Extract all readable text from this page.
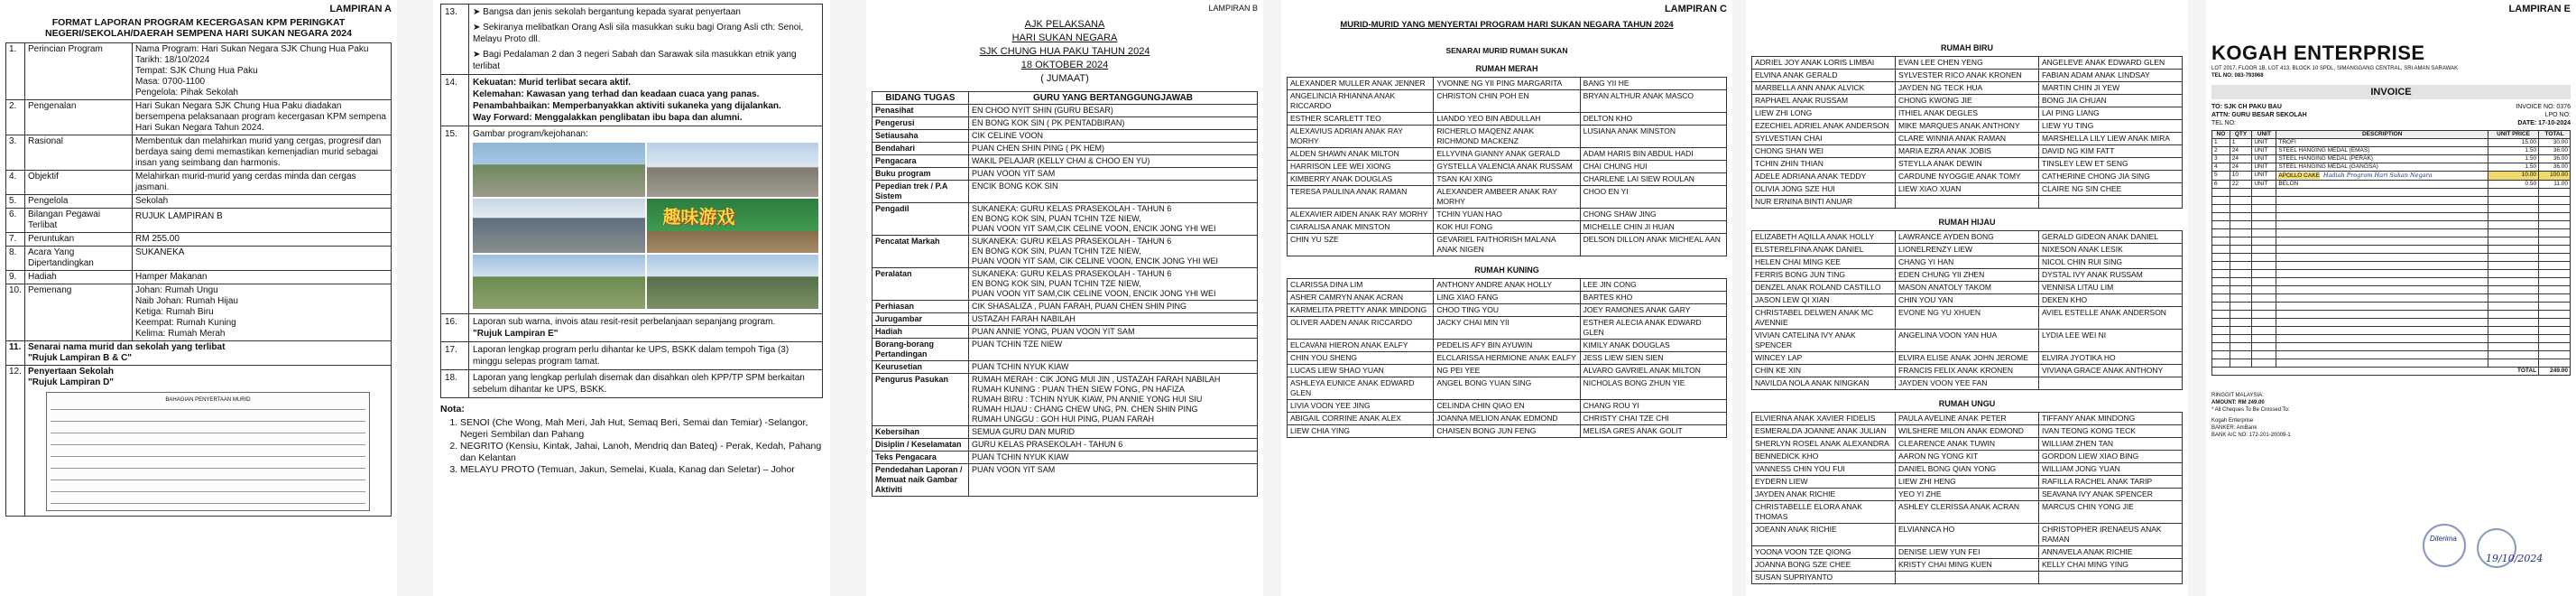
LAMPIRAN A
FORMAT LAPORAN PROGRAM KECERGASAN KPM PERINGKAT
NEGERI/SEKOLAH/DAERAH SEMPENA HARI SUKAN NEGARA 2024
1.	Perincian Program	Nama Program: Hari Sukan Negara SJK Chung Hua Paku
Tarikh: 18/10/2024
Tempat: SJK Chung Hua Paku
Masa: 0700-1100
Pengelola: Pihak Sekolah

2.	Pengenalan	Hari Sukan Negara SJK Chung Hua Paku diadakan
bersempena pelaksanaan program kecergasan KPM sempena
Hari Sukan Negara Tahun 2024.

3.	Rasional	Membentuk dan melahirkan murid yang cergas, progresif dan
berdaya saing demi memastikan kemenjadian murid sebagai
insan yang seimbang dan harmonis.

4.	Objektif	Melahirkan murid-murid yang cerdas minda dan cergas
jasmani.

5.	Pengelola	Sekolah

6.	Bilangan Pegawai Terlibat	RUJUK LAMPIRAN B

7.	Peruntukan	RM 255.00

8.	Acara Yang Dipertandingkan	SUKANEKA

9.	Hadiah	Hamper Makanan

10.	Pemenang	Johan: Rumah Ungu
Naib Johan: Rumah Hijau
Ketiga: Rumah Biru
Keempat: Rumah Kuning
Kelima: Rumah Merah

11.	Senarai nama murid dan sekolah yang terlibat
"Rujuk Lampiran B & C"	

12.	Penyertaan Sekolah
"Rujuk Lampiran D"
BAHAGIAN PENYERTAAN MURID	
13.	➤ Bangsa dan jenis sekolah bergantung kepada syarat penyertaan
➤ Sekiranya melibatkan Orang Asli sila masukkan suku bagi Orang Asli cth: Senoi, Melayu Proto dll.
➤ Bagi Pedalaman 2 dan 3 negeri Sabah dan Sarawak sila masukkan etnik yang terlibat

14.	Kekuatan: Murid terlibat secara aktif.
Kelemahan: Kawasan yang terhad dan keadaan cuaca yang panas.
Penambahbaikan: Memperbanyakkan aktiviti sukaneka yang dijalankan.
Way Forward: Menggalakkan penglibatan ibu bapa dan alumni.

15.	Gambar program/kejohanan:
趣味游戏

16.	Laporan sub warna, invois atau resit-resit perbelanjaan sepanjang program.
"Rujuk Lampiran E"

17.	Laporan lengkap program perlu dihantar ke UPS, BSKK dalam tempoh Tiga (3) minggu selepas program tamat.
18.	Laporan yang lengkap perlulah disemak dan disahkan oleh KPP/TP SPM berkaitan sebelum dihantar ke UPS, BSKK.
Nota:
1. SENOI (Che Wong, Mah Meri, Jah Hut, Semaq Beri, Semai dan Temiar) -Selangor, Negeri Sembilan dan Pahang
2. NEGRITO (Kensiu, Kintak, Jahai, Lanoh, Mendriq dan Bateq) - Perak, Kedah, Pahang dan Kelantan
3. MELAYU PROTO (Temuan, Jakun, Semelai, Kuala, Kanag dan Seletar) – Johor
LAMPIRAN B
AJK PELAKSANA
HARI SUKAN NEGARA
SJK CHUNG HUA PAKU TAHUN 2024
18 OKTOBER 2024
( JUMAAT)
BIDANG TUGAS	GURU YANG BERTANGGUNGJAWAB
Penasihat	EN CHOO NYIT SHIN (GURU BESAR)
Pengerusi	EN BONG KOK SIN ( PK PENTADBIRAN)
Setiausaha	CIK CELINE VOON
Bendahari	PUAN CHEN SHIN PING ( PK HEM)
Pengacara	WAKIL PELAJAR (KELLY CHAI & CHOO EN YU)
Buku program	PUAN VOON YIT SAM
Pepedian trek / P.A Sistem	ENCIK BONG KOK SIN
Pengadil	SUKANEKA: GURU KELAS PRASEKOLAH - TAHUN 6
EN BONG KOK SIN, PUAN TCHIN TZE NIEW,
PUAN VOON YIT SAM,CIK CELINE VOON, ENCIK JONG YHI WEI
Pencatat Markah	SUKANEKA: GURU KELAS PRASEKOLAH - TAHUN 6
EN BONG KOK SIN, PUAN TCHIN TZE NIEW,
PUAN VOON YIT SAM, CIK CELINE VOON, ENCIK JONG YHI WEI
Peralatan	SUKANEKA: GURU KELAS PRASEKOLAH - TAHUN 6
EN BONG KOK SIN, PUAN TCHIN TZE NIEW,
PUAN VOON YIT SAM,CIK CELINE VOON, ENCIK JONG YHI WEI
Perhiasan	CIK SHASALIZA , PUAN FARAH, PUAN CHEN SHIN PING
Jurugambar	USTAZAH FARAH NABILAH
Hadiah	PUAN ANNIE YONG, PUAN VOON YIT SAM
Borang-borang Pertandingan	PUAN TCHIN TZE NIEW
Keurusetian	PUAN TCHIN NYUK KIAW
Pengurus Pasukan	RUMAH MERAH : CIK JONG MUI JIN , USTAZAH FARAH NABILAH
RUMAH KUNING : PUAN THEN SIEW FONG, PN HAFIZA
RUMAH BIRU : TCHIN NYUK KIAW, PN ANNIE YONG HUI SIU
RUMAH HIJAU : CHANG CHEW UNG, PN. CHEN SHIN PING
RUMAH UNGGU : GOH HUI PING, PUAN FARAH
Kebersihan	SEMUA GURU DAN MURID
Disiplin / Keselamatan	GURU KELAS PRASEKOLAH - TAHUN 6
Teks Pengacara	PUAN TCHIN NYUK KIAW
Pendedahan Laporan / Memuat naik Gambar Aktiviti	PUAN VOON YIT SAM
LAMPIRAN C
MURID-MURID YANG MENYERTAI PROGRAM HARI SUKAN NEGARA TAHUN 2024
SENARAI MURID RUMAH SUKAN
RUMAH MERAH
ALEXANDER MULLER ANAK JENNER	YVONNE NG YII PING MARGARITA	BANG YII HE
ANGELINCIA RHIANNA ANAK RICCARDO	CHRISTON CHIN POH EN	BRYAN ALTHUR ANAK MASCO
ESTHER SCARLETT TEO	LIANDO YEO BIN ABDULLAH	DELTON KHO
ALEXAVIUS ADRIAN ANAK RAY MORHY	RICHERLO MAQENZ ANAK RICHMOND MACKENZ	LUSIANA ANAK MINSTON
ALDEN SHAWN ANAK MILTON	ELLYVINA GIANNY ANAK GERALD	ADAM HARIS BIN ABDUL HADI
HARRISON LEE WEI XIONG	GYSTELLA VALENCIA ANAK RUSSAM	CHAI CHUNG HUI
KIMBERRY ANAK DOUGLAS	TSAN KAI XING	CHARLENE LAI SIEW ROULAN
TERESA PAULINA ANAK RAMAN	ALEXANDER AMBEER ANAK RAY MORHY	CHOO EN YI
ALEXAVIER AIDEN ANAK RAY MORHY	TCHIN YUAN HAO	CHONG SHAW JING
CIARALISA ANAK MINSTON	KOK HUI FONG	MICHELLE CHIN JI HUAN
CHIN YU SZE	GEVARIEL FAITHORISH MALANA ANAK NIGEN	DELSON DILLON ANAK MICHEAL AAN
RUMAH KUNING
CLARISSA DINA LIM	ANTHONY ANDRE ANAK HOLLY	LEE JIN CONG
ASHER CAMRYN ANAK ACRAN	LING XIAO FANG	BARTES KHO
KARMELITA PRETTY ANAK MINDONG	CHOO TING YOU	JOEY RAMONES ANAK GARY
OLIVER AADEN ANAK RICCARDO	JACKY CHAI MIN YII	ESTHER ALECIA ANAK EDWARD GLEN
ELCAVANI HIERON ANAK EALFY	PEDELIS AFY BIN AYUWIN	KIMILY ANAK DOUGLAS
CHIN YOU SHENG	ELCLARISSA HERMIONE ANAK EALFY	JESS LIEW SIEN SIEN
LUCAS LIEW SHAO YUAN	NG PEI YEE	ALVARO GAVRIEL ANAK MILTON
ASHLEYA EUNICE ANAK EDWARD GLEN	ANGEL BONG YUAN SING	NICHOLAS BONG ZHUN YIE
LIVIA VOON YEE JING	CELINDA CHIN QIAO EN	CHANG ROU YI
ABIGAIL CORRINE ANAK ALEX	JOANNA MELION ANAK EDMOND	CHRISTY CHAI TZE CHI
LIEW CHIA YING	CHAISEN BONG JUN FENG	MELISA GRES ANAK GOLIT
RUMAH BIRU
ADRIEL JOY ANAK LORIS LIMBAI	EVAN LEE CHEN YENG	ANGELEVE ANAK EDWARD GLEN
ELVINA ANAK GERALD	SYLVESTER RICO ANAK KRONEN	FABIAN ADAM ANAK LINDSAY
MARBELLA ANN ANAK ALVICK	JAYDEN NG TECK HUA	MARTIN CHIN JI YEW
RAPHAEL ANAK RUSSAM	CHONG KWONG JIE	BONG JIA CHUAN
LIEW ZHI LONG	ITHIEL ANAK DEGLES	LAI PING LIANG
EZECHIEL ADRIEL ANAK ANDERSON	MIKE MARQUES ANAK ANTHONY	LIEW YU TING
SYLVESTIAN CHAI	CLARE WINNIA ANAK RAMAN	MARSHELLA LILY LIEW ANAK MIRA
CHONG SHAN WEI	MARIA EZRA ANAK JOBIS	DAVID NG KIM FATT
TCHIN ZHIN THIAN	STEYLLA ANAK DEWIN	TINSLEY LEW ET SENG
ADELE ADRIANA ANAK TEDDY	CARDUNE NYOGGIE ANAK TOMY	CATHERINE CHONG JIA SING
OLIVIA JONG SZE HUI	LIEW XIAO XUAN	CLAIRE NG SIN CHEE
NUR ERNINA BINTI ANUAR		
RUMAH HIJAU
ELIZABETH AQILLA ANAK HOLLY	LAWRANCE AYDEN BONG	GERALD GIDEON ANAK DANIEL
ELSTERELFINA ANAK DANIEL	LIONELRENZY LIEW	NIXESON ANAK LESIK
HELEN CHAI MING KEE	CHANG YI HAN	NICOL CHIN RUI SING
FERRIS BONG JUN TING	EDEN CHUNG YII ZHEN	DYSTAL IVY ANAK RUSSAM
DENZEL ANAK ROLAND CASTILLO	MASON ANATOLY TAKOM	VENNISA LITAU LIM
JASON LEW QI XIAN	CHIN YOU YAN	DEKEN KHO
CHRISTABEL DELWEN ANAK MC AVENNIE	EVONE NG YU XHUEN	AVIEL ESTELLE ANAK ANDERSON
VIVIAN CATELINA IVY ANAK SPENCER	ANGELINA VOON YAN HUA	LYDIA LEE WEI NI
WINCEY LAP	ELVIRA ELISE ANAK JOHN JEROME	ELVIRA JYOTIKA HO
CHIN KE XIN	FRANCIS FELIX ANAK KRONEN	VIVIANA GRACE ANAK ANTHONY
NAVILDA NOLA ANAK NINGKAN	JAYDEN VOON YEE FAN	
RUMAH UNGU
ELVIERNA ANAK XAVIER FIDELIS	PAULA AVELINE ANAK PETER	TIFFANY ANAK MINDONG
ESMERALDA JOANNE ANAK JULIAN	WILSHERE MILON ANAK EDMOND	IVAN TEONG KONG TECK
SHERLYN ROSEL ANAK ALEXANDRA	CLEARENCE ANAK TUWIN	WILLIAM ZHEN TAN
BENNEDICK KHO	AARON NG YONG KIT	GORDON LIEW XIAO BING
VANNESS CHIN YOU FUI	DANIEL BONG QIAN YONG	WILLIAM JONG YUAN
EYDERN LIEW	LIEW ZHI HENG	RAFILLA RACHEL ANAK TARIP
JAYDEN ANAK RICHIE	YEO YI ZHE	SEAVANA IVY ANAK SPENCER
CHRISTABELLE ELORA ANAK THOMAS	ASHLEY CLERISSA ANAK ACRAN	MARCUS CHIN YONG JIE
JOEANN ANAK RICHIE	ELVIANNCA HO	CHRISTOPHER IRENAEUS ANAK RAMAN
YOONA VOON TZE QIONG	DENISE LIEW YUN FEI	ANNAVELA ANAK RICHIE
JOANNA BONG SZE CHEE	KRISTY CHAI MING KUEN	KELLY CHAI MING YING
SUSAN SUPRIYANTO		
LAMPIRAN E
KOGAH ENTERPRISE
LOT 2017, FLOOR 1B, LOT 413, BLOCK 10 SPDL, SIMANGGANG CENTRAL, SRI AMAN SARAWAK
TEL NO: 083-793968
INVOICE
TO: SJK CH PAKU BAU
ATTN: GURU BESAR SEKOLAH
TEL NO:
INVOICE NO: 0376
LPO NO:
DATE: 17-10-2024
NO	QTY	UNIT	DESCRIPTION	UNIT PRICE	TOTAL
1	1	UNIT	TROFI	15.00	30.00
2	24	UNIT	STEEL HANGING MEDAL (EMAS)	1.50	36.00
3	24	UNIT	STEEL HANGING MEDAL (PERAK)	1.50	36.00
4	24	UNIT	STEEL HANGING MEDAL (GANGSA)	1.50	36.00
5	10	UNIT	APOLLO CAKE Hadiah Program Hari Sukan Negara	10.00	100.00
6	22	UNIT	BELON	0.50	11.00

TOTAL					249.00
RINGGIT MALAYSIA:
AMOUNT: RM 249.00
* All Cheques To Be Crossed To:
Kogah Enterprise
BANKER: AmBank
BANK A/C NO: 172-201-20009-1
Diterima
19/10/2024
